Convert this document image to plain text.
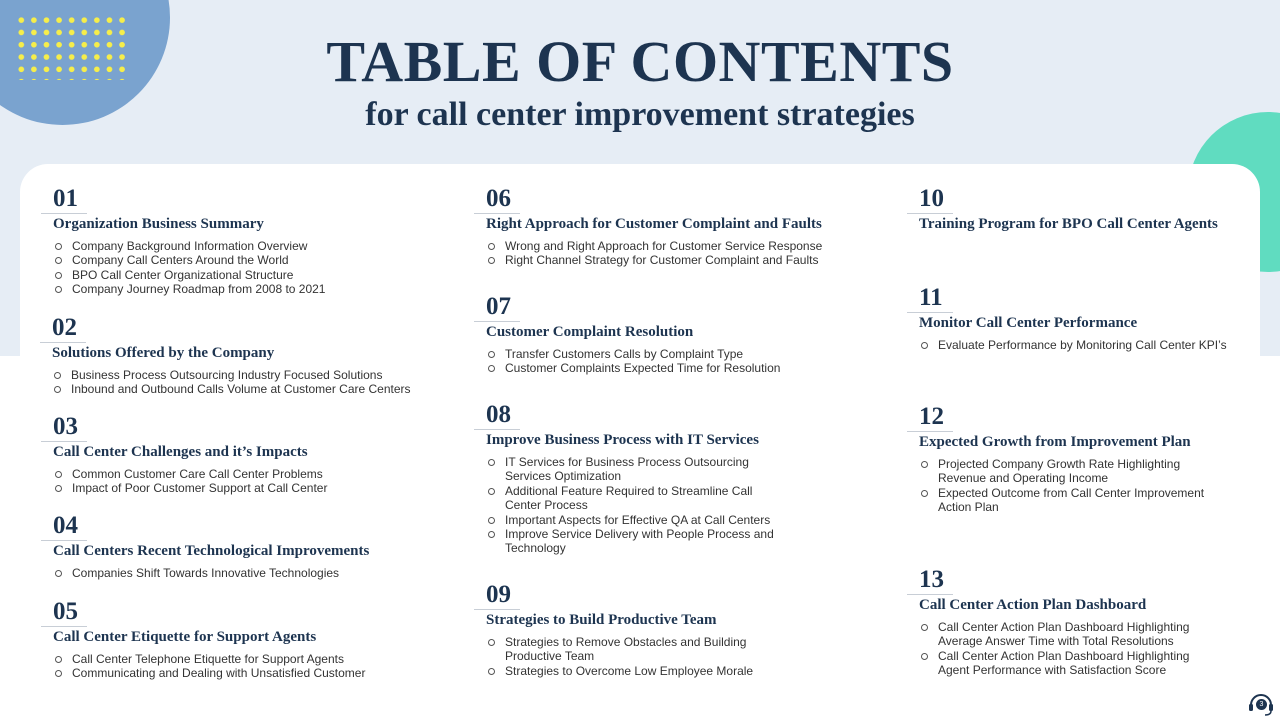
TABLE OF CONTENTS
for call center improvement strategies
01
Organization Business Summary
Company Background Information Overview
Company Call Centers Around the World
BPO Call Center Organizational Structure
Company Journey Roadmap from 2008 to 2021
02
Solutions Offered by the Company
Business Process Outsourcing Industry Focused Solutions
Inbound and Outbound Calls Volume at Customer Care Centers
03
Call Center Challenges and it’s Impacts
Common Customer Care Call Center Problems
Impact of Poor Customer Support at Call Center
04
Call Centers Recent Technological Improvements
Companies Shift Towards Innovative Technologies
05
Call Center Etiquette for Support Agents
Call Center Telephone Etiquette for Support Agents
Communicating and Dealing with Unsatisfied Customer
06
Right Approach for Customer Complaint and Faults
Wrong and Right Approach for Customer Service Response
Right Channel Strategy for Customer Complaint and Faults
07
Customer Complaint Resolution
Transfer Customers Calls by Complaint Type
Customer Complaints Expected Time for Resolution
08
Improve Business Process with IT Services
IT Services for Business Process Outsourcing Services Optimization
Additional Feature Required to Streamline Call Center Process
Important Aspects for Effective QA at Call Centers
Improve Service Delivery with People Process and Technology
09
Strategies to Build Productive Team
Strategies to Remove Obstacles and Building Productive Team
Strategies to Overcome Low Employee Morale
10
Training Program for BPO Call Center Agents
11
Monitor Call Center Performance
Evaluate Performance by Monitoring Call Center KPI’s
12
Expected Growth from Improvement Plan
Projected Company Growth Rate Highlighting Revenue and Operating Income
Expected Outcome from Call Center Improvement Action Plan
13
Call Center Action Plan Dashboard
Call Center Action Plan Dashboard Highlighting Average Answer Time with Total Resolutions
Call Center Action Plan Dashboard Highlighting Agent Performance with Satisfaction Score
3
